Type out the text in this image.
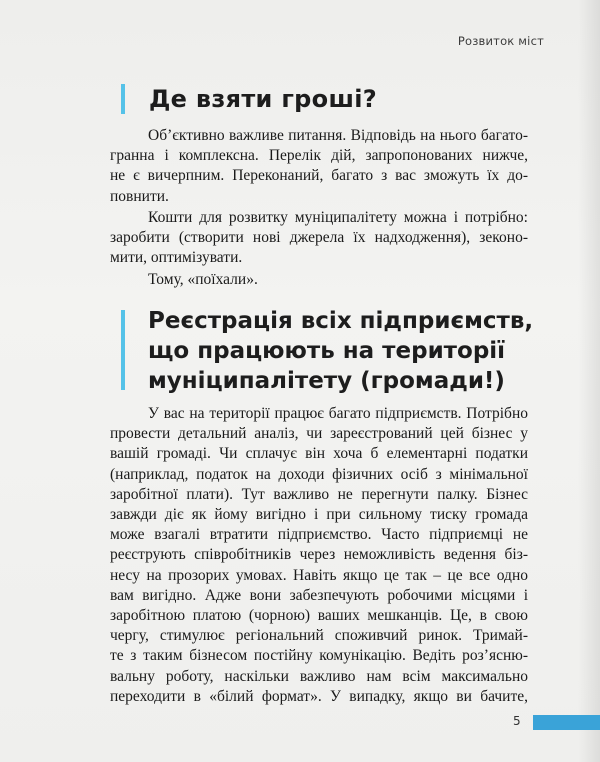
Розвиток міст
Де взяти гроші?

Об’єктивно важливе питання. Відповідь на нього багато-
гранна і комплексна. Перелік дій, запропонованих нижче,
не є вичерпним. Переконаний, багато з вас зможуть їх до-
повнити.

Кошти для розвитку муніципалітету можна і потрібно:
заробити (створити нові джерела їх надходження), зеконо-
мити, оптимізувати.

Тому, «поїхали».

Реєстрація всіх підприємств,
що працюють на території
муніципалітету (громади!)

У вас на території працює багато підприємств. Потрібно
провести детальний аналіз, чи зареєстрований цей бізнес у
вашій громаді. Чи сплачує він хоча б елементарні податки
(наприклад, податок на доходи фізичних осіб з мінімальної
заробітної плати). Тут важливо не перегнути палку. Бізнес
завжди діє як йому вигідно і при сильному тиску громада
може взагалі втратити підприємство. Часто підприємці не
реєструють співробітників через неможливість ведення біз-
несу на прозорих умовах. Навіть якщо це так – це все одно
вам вигідно. Адже вони забезпечують робочими місцями і
заробітною платою (чорною) ваших мешканців. Це, в свою
чергу, стимулює регіональний споживчий ринок. Тримай-
те з таким бізнесом постійну комунікацію. Ведіть роз’ясню-
вальну роботу, наскільки важливо нам всім максимально
переходити в «білий формат». У випадку, якщо ви бачите,

5
